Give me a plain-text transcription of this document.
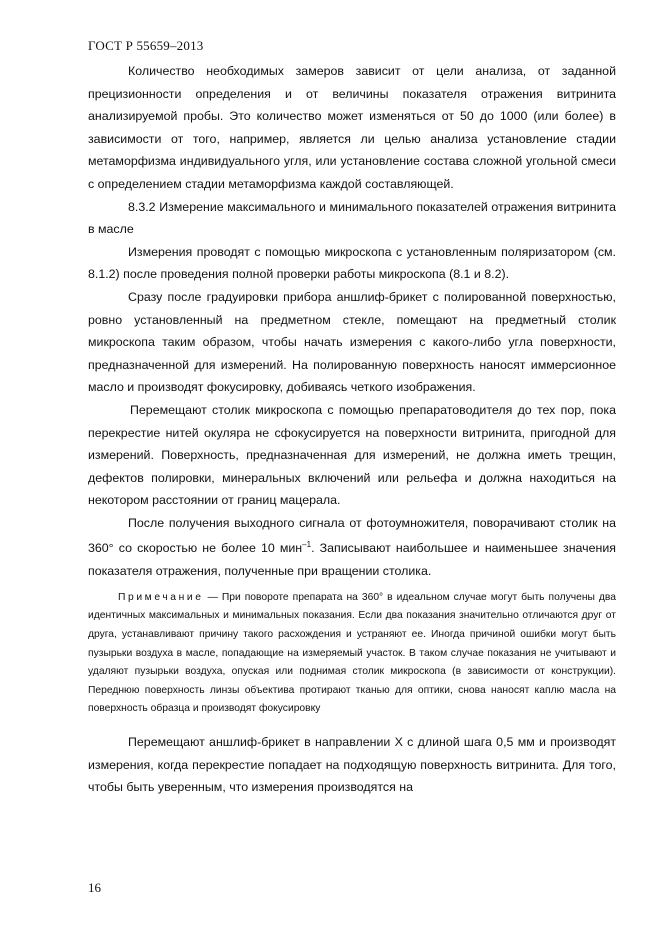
ГОСТ Р 55659–2013

Количество необходимых замеров зависит от цели анализа, от заданной прецизионности определения и от величины показателя отражения витринита анализируемой пробы. Это количество может изменяться от 50 до 1000 (или более) в зависимости от того, например, является ли целью анализа установление стадии метаморфизма индивидуального угля, или установление состава сложной угольной смеси с определением стадии метаморфизма каждой составляющей.

8.3.2 Измерение максимального и минимального показателей отражения витринита в масле

Измерения проводят с помощью микроскопа с установленным поляризатором (см. 8.1.2) после проведения полной проверки работы микроскопа (8.1 и 8.2).

Сразу после градуировки прибора аншлиф-брикет с полированной поверхностью, ровно установленный на предметном стекле, помещают на предметный столик микроскопа таким образом, чтобы начать измерения с какого-либо угла поверхности, предназначенной для измерений. На полированную поверхность наносят иммерсионное масло и производят фокусировку, добиваясь четкого изображения.

Перемещают столик микроскопа с помощью препаратоводителя до тех пор, пока перекрестие нитей окуляра не сфокусируется на поверхности витринита, пригодной для измерений. Поверхность, предназначенная для измерений, не должна иметь трещин, дефектов полировки, минеральных включений или рельефа и должна находиться на некотором расстоянии от границ мацерала.

После получения выходного сигнала от фотоумножителя, поворачивают столик на 360° со скоростью не более 10 мин$^{-1}$. Записывают наибольшее и наименьшее значения показателя отражения, полученные при вращении столика.

Примечание — При повороте препарата на 360° в идеальном случае могут быть получены два идентичных максимальных и минимальных показания. Если два показания значительно отличаются друг от друга, устанавливают причину такого расхождения и устраняют ее. Иногда причиной ошибки могут быть пузырьки воздуха в масле, попадающие на измеряемый участок. В таком случае показания не учитывают и удаляют пузырьки воздуха, опуская или поднимая столик микроскопа (в зависимости от конструкции). Переднюю поверхность линзы объектива протирают тканью для оптики, снова наносят каплю масла на поверхность образца и производят фокусировку

Перемещают аншлиф-брикет в направлении X с длиной шага 0,5 мм и производят измерения, когда перекрестие попадает на подходящую поверхность витринита. Для того, чтобы быть уверенным, что измерения производятся на

16
